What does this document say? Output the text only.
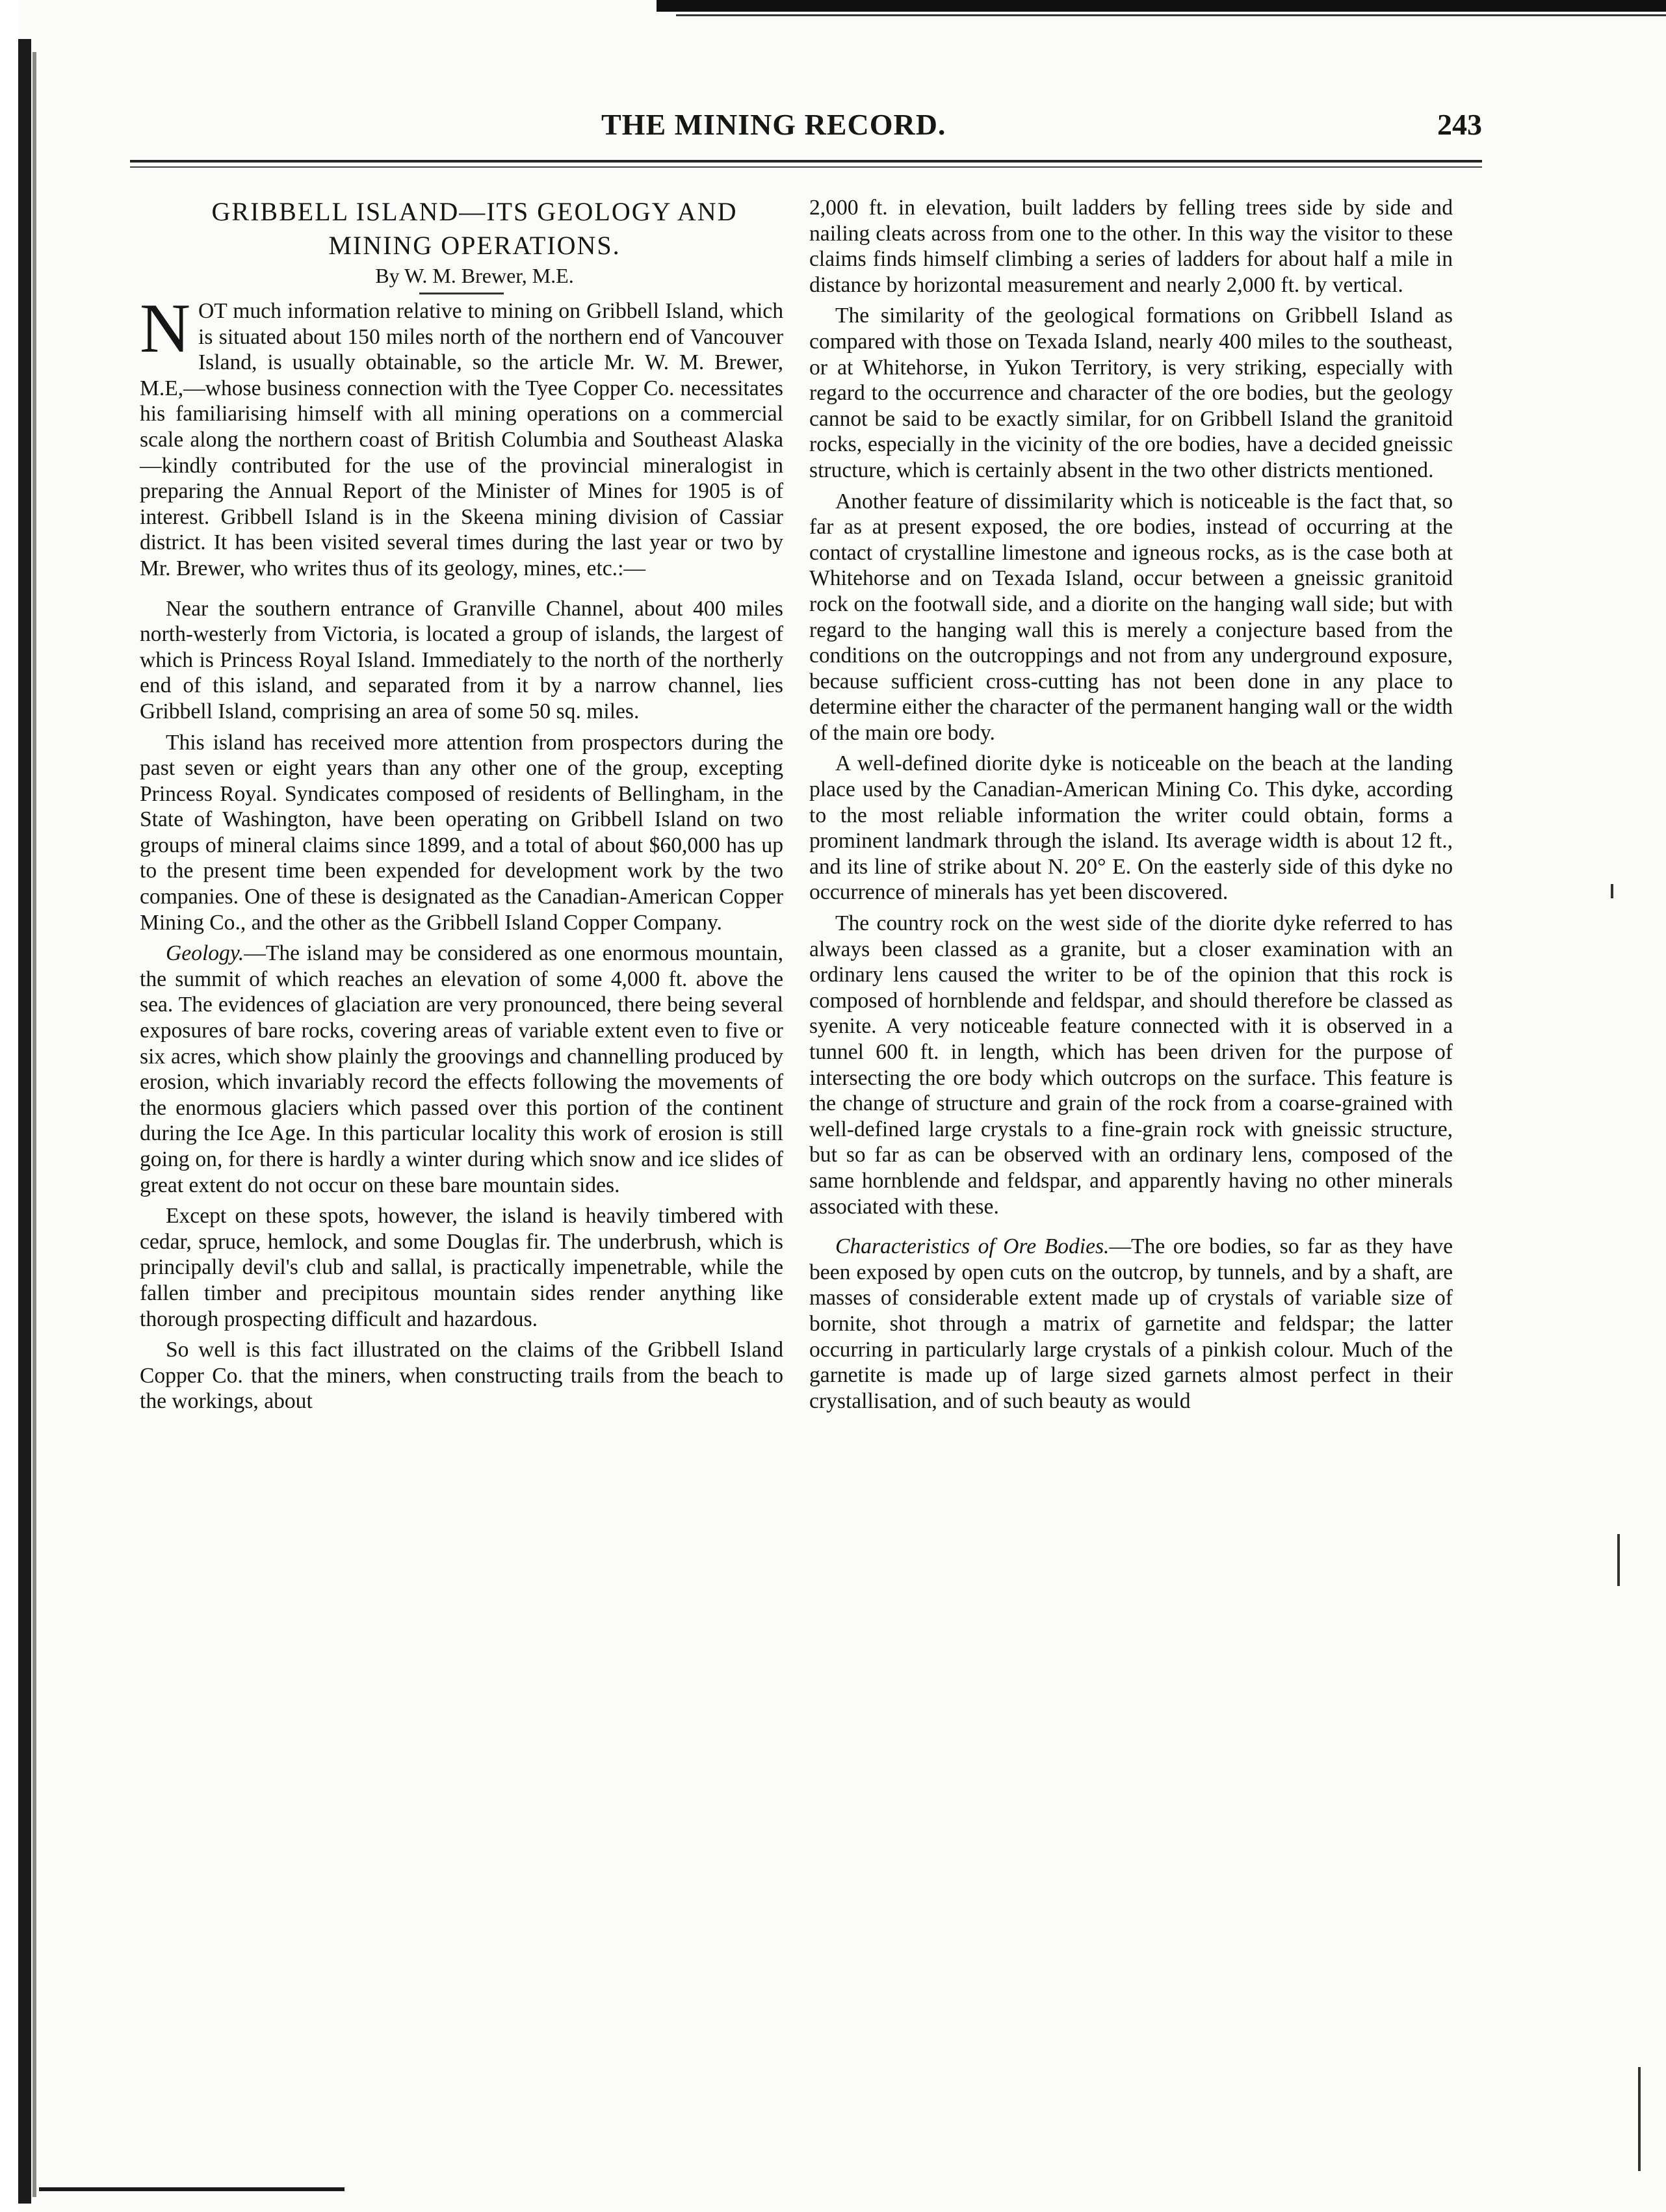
THE MINING RECORD.	243

GRIBBELL ISLAND—ITS GEOLOGY AND
MINING OPERATIONS.

By W. M. Brewer, M.E.

NOT much information relative to mining on Gribbell Island, which is situated about 150 miles north of the northern end of Vancouver Island, is usually obtainable, so the article Mr. W. M. Brewer, M.E,—whose business connection with the Tyee Copper Co. necessitates his familiarising himself with all mining operations on a commercial scale along the northern coast of British Columbia and Southeast Alaska—kindly contributed for the use of the provincial mineralogist in preparing the Annual Report of the Minister of Mines for 1905 is of interest. Gribbell Island is in the Skeena mining division of Cassiar district. It has been visited several times during the last year or two by Mr. Brewer, who writes thus of its geology, mines, etc.:—

Near the southern entrance of Granville Channel, about 400 miles north-westerly from Victoria, is located a group of islands, the largest of which is Princess Royal Island. Immediately to the north of the northerly end of this island, and separated from it by a narrow channel, lies Gribbell Island, comprising an area of some 50 sq. miles.

This island has received more attention from prospectors during the past seven or eight years than any other one of the group, excepting Princess Royal. Syndicates composed of residents of Bellingham, in the State of Washington, have been operating on Gribbell Island on two groups of mineral claims since 1899, and a total of about $60,000 has up to the present time been expended for development work by the two companies. One of these is designated as the Canadian-American Copper Mining Co., and the other as the Gribbell Island Copper Company.

Geology.—The island may be considered as one enormous mountain, the summit of which reaches an elevation of some 4,000 ft. above the sea. The evidences of glaciation are very pronounced, there being several exposures of bare rocks, covering areas of variable extent even to five or six acres, which show plainly the groovings and channelling produced by erosion, which invariably record the effects following the movements of the enormous glaciers which passed over this portion of the continent during the Ice Age. In this particular locality this work of erosion is still going on, for there is hardly a winter during which snow and ice slides of great extent do not occur on these bare mountain sides.

Except on these spots, however, the island is heavily timbered with cedar, spruce, hemlock, and some Douglas fir. The underbrush, which is principally devil's club and sallal, is practically impenetrable, while the fallen timber and precipitous mountain sides render anything like thorough prospecting difficult and hazardous.

So well is this fact illustrated on the claims of the Gribbell Island Copper Co. that the miners, when constructing trails from the beach to the workings, about

2,000 ft. in elevation, built ladders by felling trees side by side and nailing cleats across from one to the other. In this way the visitor to these claims finds himself climbing a series of ladders for about half a mile in distance by horizontal measurement and nearly 2,000 ft. by vertical.

The similarity of the geological formations on Gribbell Island as compared with those on Texada Island, nearly 400 miles to the southeast, or at Whitehorse, in Yukon Territory, is very striking, especially with regard to the occurrence and character of the ore bodies, but the geology cannot be said to be exactly similar, for on Gribbell Island the granitoid rocks, especially in the vicinity of the ore bodies, have a decided gneissic structure, which is certainly absent in the two other districts mentioned.

Another feature of dissimilarity which is noticeable is the fact that, so far as at present exposed, the ore bodies, instead of occurring at the contact of crystalline limestone and igneous rocks, as is the case both at Whitehorse and on Texada Island, occur between a gneissic granitoid rock on the footwall side, and a diorite on the hanging wall side; but with regard to the hanging wall this is merely a conjecture based from the conditions on the outcroppings and not from any underground exposure, because sufficient cross-cutting has not been done in any place to determine either the character of the permanent hanging wall or the width of the main ore body.

A well-defined diorite dyke is noticeable on the beach at the landing place used by the Canadian-American Mining Co. This dyke, according to the most reliable information the writer could obtain, forms a prominent landmark through the island. Its average width is about 12 ft., and its line of strike about N. 20° E. On the easterly side of this dyke no occurrence of minerals has yet been discovered.

The country rock on the west side of the diorite dyke referred to has always been classed as a granite, but a closer examination with an ordinary lens caused the writer to be of the opinion that this rock is composed of hornblende and feldspar, and should therefore be classed as syenite. A very noticeable feature connected with it is observed in a tunnel 600 ft. in length, which has been driven for the purpose of intersecting the ore body which outcrops on the surface. This feature is the change of structure and grain of the rock from a coarse-grained with well-defined large crystals to a fine-grain rock with gneissic structure, but so far as can be observed with an ordinary lens, composed of the same hornblende and feldspar, and apparently having no other minerals associated with these.

Characteristics of Ore Bodies.—The ore bodies, so far as they have been exposed by open cuts on the outcrop, by tunnels, and by a shaft, are masses of considerable extent made up of crystals of variable size of bornite, shot through a matrix of garnetite and feldspar; the latter occurring in particularly large crystals of a pinkish colour. Much of the garnetite is made up of large sized garnets almost perfect in their crystallisation, and of such beauty as would
